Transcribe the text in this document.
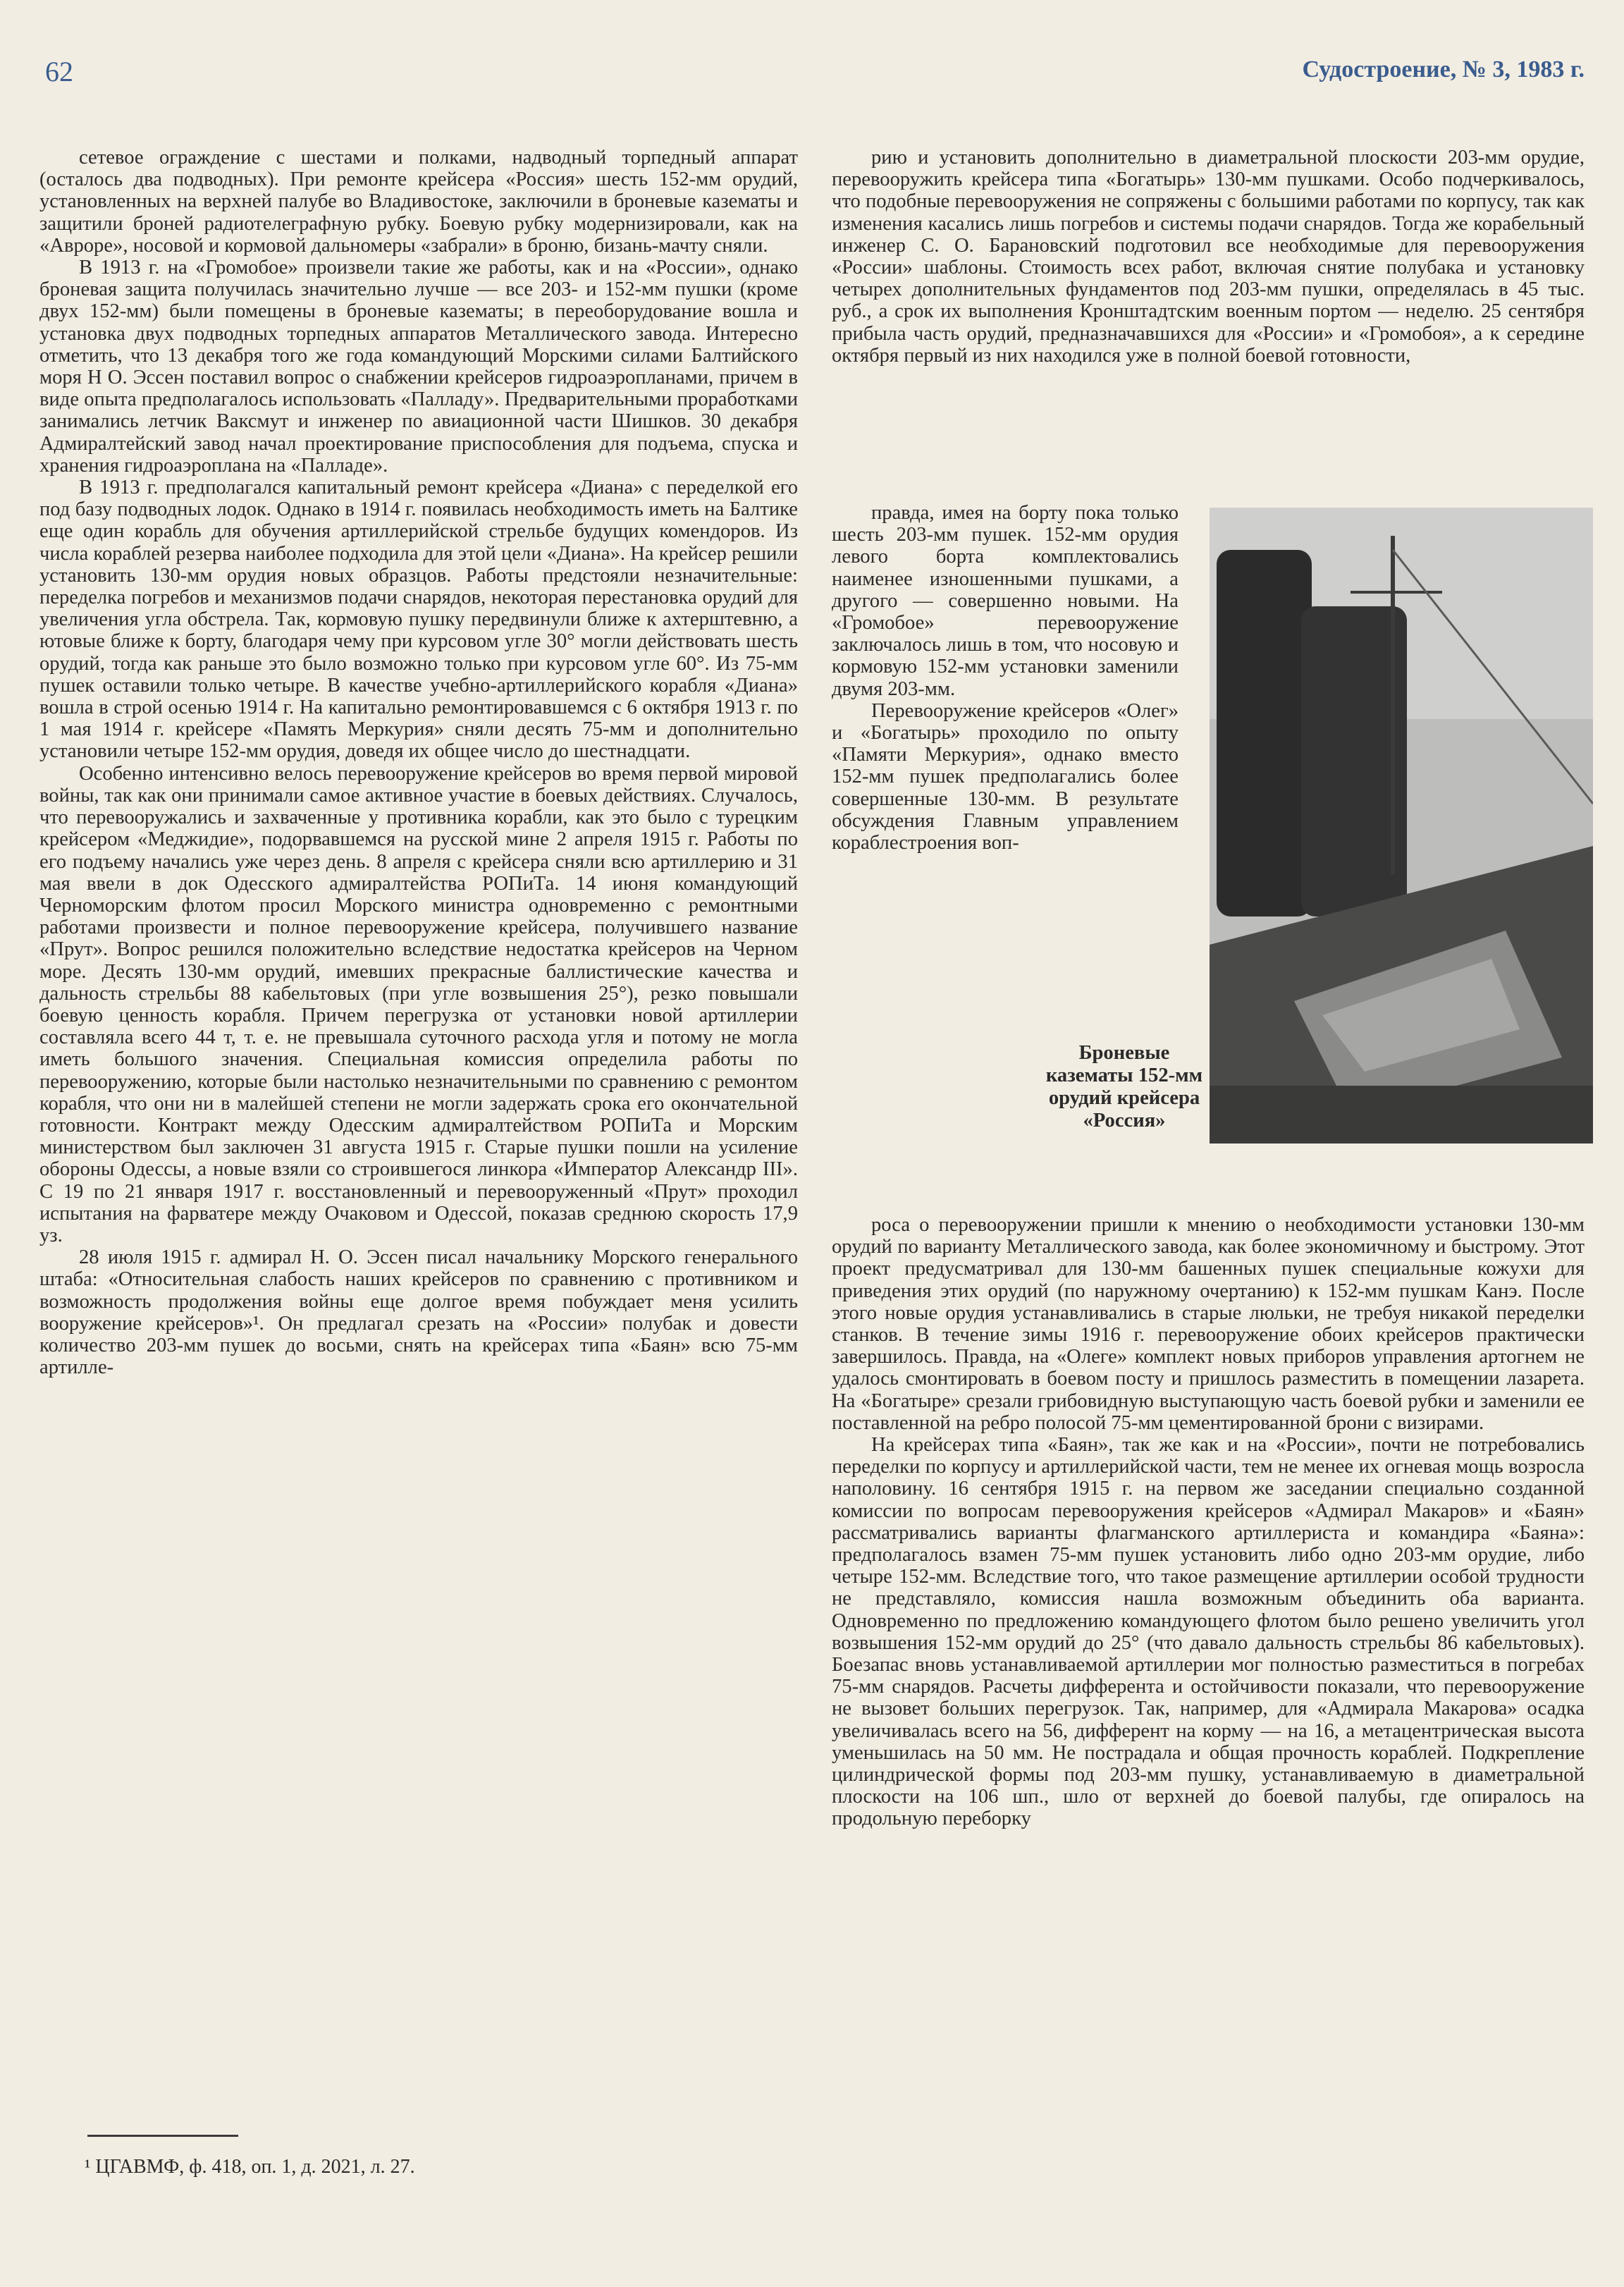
62	Судостроение, № 3, 1983 г.

сетевое ограждение с шестами и полками, надводный торпедный аппарат (осталось два подводных). При ремонте крейсера «Россия» шесть 152-мм орудий, установленных на верхней палубе во Владивостоке, заключили в броневые казематы и защитили броней радиотелеграфную рубку. Боевую рубку модернизировали, как на «Авроре», носовой и кормовой дальномеры «забрали» в броню, бизань-мачту сняли.

В 1913 г. на «Громобое» произвели такие же работы, как и на «России», однако броневая защита получилась значительно лучше — все 203- и 152-мм пушки (кроме двух 152-мм) были помещены в броневые казематы; в переоборудование вошла и установка двух подводных торпедных аппаратов Металлического завода. Интересно отметить, что 13 декабря того же года командующий Морскими силами Балтийского моря Н О. Эссен поставил вопрос о снабжении крейсеров гидроаэропланами, причем в виде опыта предполагалось использовать «Палладу». Предварительными проработками занимались летчик Ваксмут и инженер по авиационной части Шишков. 30 декабря Адмиралтейский завод начал проектирование приспособления для подъема, спуска и хранения гидроаэроплана на «Палладе».

В 1913 г. предполагался капитальный ремонт крейсера «Диана» с переделкой его под базу подводных лодок. Однако в 1914 г. появилась необходимость иметь на Балтике еще один корабль для обучения артиллерийской стрельбе будущих комендоров. Из числа кораблей резерва наиболее подходила для этой цели «Диана». На крейсер решили установить 130-мм орудия новых образцов. Работы предстояли незначительные: переделка погребов и механизмов подачи снарядов, некоторая перестановка орудий для увеличения угла обстрела. Так, кормовую пушку передвинули ближе к ахтерштевню, а ютовые ближе к борту, благодаря чему при курсовом угле 30° могли действовать шесть орудий, тогда как раньше это было возможно только при курсовом угле 60°. Из 75-мм пушек оставили только четыре. В качестве учебно-артиллерийского корабля «Диана» вошла в строй осенью 1914 г. На капитально ремонтировавшемся с 6 октября 1913 г. по 1 мая 1914 г. крейсере «Память Меркурия» сняли десять 75-мм и дополнительно установили четыре 152-мм орудия, доведя их общее число до шестнадцати.

Особенно интенсивно велось перевооружение крейсеров во время первой мировой войны, так как они принимали самое активное участие в боевых действиях. Случалось, что перевооружались и захваченные у противника корабли, как это было с турецким крейсером «Меджидие», подорвавшемся на русской мине 2 апреля 1915 г. Работы по его подъему начались уже через день. 8 апреля с крейсера сняли всю артиллерию и 31 мая ввели в док Одесского адмиралтейства РОПиТа. 14 июня командующий Черноморским флотом просил Морского министра одновременно с ремонтными работами произвести и полное перевооружение крейсера, получившего название «Прут». Вопрос решился положительно вследствие недостатка крейсеров на Черном море. Десять 130-мм орудий, имевших прекрасные баллистические качества и дальность стрельбы 88 кабельтовых (при угле возвышения 25°), резко повышали боевую ценность корабля. Причем перегрузка от установки новой артиллерии составляла всего 44 т, т. е. не превышала суточного расхода угля и потому не могла иметь большого значения. Специальная комиссия определила работы по перевооружению, которые были настолько незначительными по сравнению с ремонтом корабля, что они ни в малейшей степени не могли задержать срока его окончательной готовности. Контракт между Одесским адмиралтейством РОПиТа и Морским министерством был заключен 31 августа 1915 г. Старые пушки пошли на усиление обороны Одессы, а новые взяли со строившегося линкора «Император Александр III». С 19 по 21 января 1917 г. восстановленный и перевооруженный «Прут» проходил испытания на фарватере между Очаковом и Одессой, показав среднюю скорость 17,9 уз.

28 июля 1915 г. адмирал Н. О. Эссен писал начальнику Морского генерального штаба: «Относительная слабость наших крейсеров по сравнению с противником и возможность продолжения войны еще долгое время побуждает меня усилить вооружение крейсеров»¹. Он предлагал срезать на «России» полубак и довести количество 203-мм пушек до восьми, снять на крейсерах типа «Баян» всю 75-мм артилле-

рию и установить дополнительно в диаметральной плоскости 203-мм орудие, перевооружить крейсера типа «Богатырь» 130-мм пушками. Особо подчеркивалось, что подобные перевооружения не сопряжены с большими работами по корпусу, так как изменения касались лишь погребов и системы подачи снарядов. Тогда же корабельный инженер С. О. Барановский подготовил все необходимые для перевооружения «России» шаблоны. Стоимость всех работ, включая снятие полубака и установку четырех дополнительных фундаментов под 203-мм пушки, определялась в 45 тыс. руб., а срок их выполнения Кронштадтским военным портом — неделю. 25 сентября прибыла часть орудий, предназначавшихся для «России» и «Громобоя», а к середине октября первый из них находился уже в полной боевой готовности,

правда, имея на борту пока только шесть 203-мм пушек. 152-мм орудия левого борта комплектовались наименее изношенными пушками, а другого — совершенно новыми. На «Громобое» перевооружение заключалось лишь в том, что носовую и кормовую 152-мм установки заменили двумя 203-мм.

Перевооружение крейсеров «Олег» и «Богатырь» проходило по опыту «Памяти Меркурия», однако вместо 152-мм пушек предполагались более совершенные 130-мм. В результате обсуждения Главным управлением кораблестроения воп-

Броневые казематы 152-мм орудий крейсера «Россия»

роса о перевооружении пришли к мнению о необходимости установки 130-мм орудий по варианту Металлического завода, как более экономичному и быстрому. Этот проект предусматривал для 130-мм башенных пушек специальные кожухи для приведения этих орудий (по наружному очертанию) к 152-мм пушкам Канэ. После этого новые орудия устанавливались в старые люльки, не требуя никакой переделки станков. В течение зимы 1916 г. перевооружение обоих крейсеров практически завершилось. Правда, на «Олеге» комплект новых приборов управления артогнем не удалось смонтировать в боевом посту и пришлось разместить в помещении лазарета. На «Богатыре» срезали грибовидную выступающую часть боевой рубки и заменили ее поставленной на ребро полосой 75-мм цементированной брони с визирами.

На крейсерах типа «Баян», так же как и на «России», почти не потребовались переделки по корпусу и артиллерийской части, тем не менее их огневая мощь возросла наполовину. 16 сентября 1915 г. на первом же заседании специально созданной комиссии по вопросам перевооружения крейсеров «Адмирал Макаров» и «Баян» рассматривались варианты флагманского артиллериста и командира «Баяна»: предполагалось взамен 75-мм пушек установить либо одно 203-мм орудие, либо четыре 152-мм. Вследствие того, что такое размещение артиллерии особой трудности не представляло, комиссия нашла возможным объединить оба варианта. Одновременно по предложению командующего флотом было решено увеличить угол возвышения 152-мм орудий до 25° (что давало дальность стрельбы 86 кабельтовых). Боезапас вновь устанавливаемой артиллерии мог полностью разместиться в погребах 75-мм снарядов. Расчеты дифферента и остойчивости показали, что перевооружение не вызовет больших перегрузок. Так, например, для «Адмирала Макарова» осадка увеличивалась всего на 56, дифферент на корму — на 16, а метацентрическая высота уменьшилась на 50 мм. Не пострадала и общая прочность кораблей. Подкрепление цилиндрической формы под 203-мм пушку, устанавливаемую в диаметральной плоскости на 106 шп., шло от верхней до боевой палубы, где опиралось на продольную переборку

¹ ЦГАВМФ, ф. 418, оп. 1, д. 2021, л. 27.
